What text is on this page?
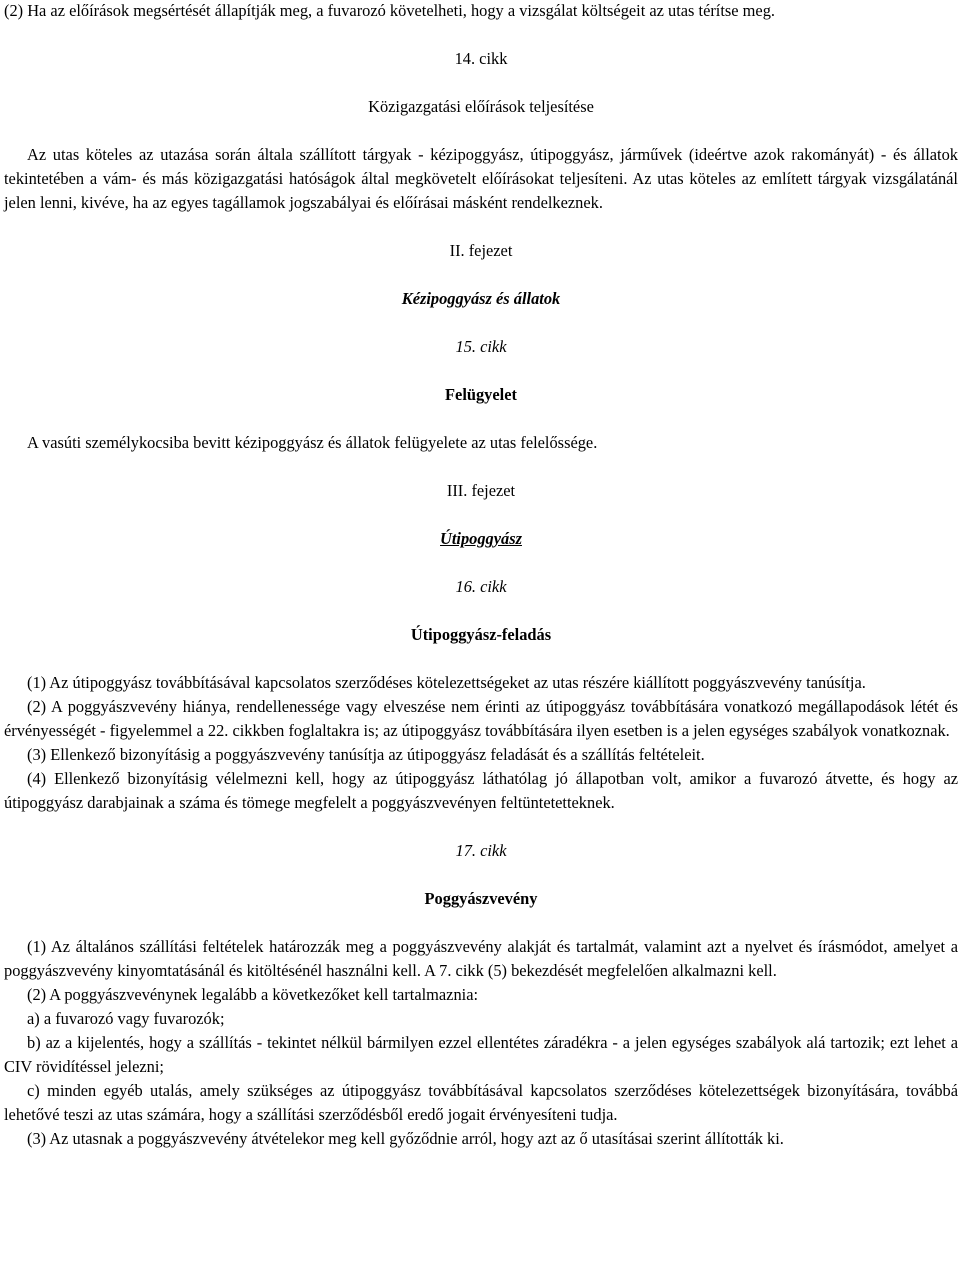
(2) Ha az előírások megsértését állapítják meg, a fuvarozó követelheti, hogy a vizsgálat költségeit az utas térítse meg.

14. cikk
Közigazgatási előírások teljesítése

Az utas köteles az utazása során általa szállított tárgyak - kézipoggyász, útipoggyász, járművek (ideértve azok rakományát) - és állatok tekintetében a vám- és más közigazgatási hatóságok által megkövetelt előírásokat teljesíteni. Az utas köteles az említett tárgyak vizsgálatánál jelen lenni, kivéve, ha az egyes tagállamok jogszabályai és előírásai másként rendelkeznek.

II. fejezet
Kézipoggyász és állatok
15. cikk
Felügyelet

A vasúti személykocsiba bevitt kézipoggyász és állatok felügyelete az utas felelőssége.

III. fejezet
Útipoggyász
16. cikk
Útipoggyász-feladás

(1) Az útipoggyász továbbításával kapcsolatos szerződéses kötelezettségeket az utas részére kiállított poggyászvevény tanúsítja.

(2) A poggyászvevény hiánya, rendellenessége vagy elveszése nem érinti az útipoggyász továbbítására vonatkozó megállapodások létét és érvényességét - figyelemmel a 22. cikkben foglaltakra is; az útipoggyász továbbítására ilyen esetben is a jelen egységes szabályok vonatkoznak.

(3) Ellenkező bizonyításig a poggyászvevény tanúsítja az útipoggyász feladását és a szállítás feltételeit.

(4) Ellenkező bizonyításig vélelmezni kell, hogy az útipoggyász láthatólag jó állapotban volt, amikor a fuvarozó átvette, és hogy az útipoggyász darabjainak a száma és tömege megfelelt a poggyászvevényen feltüntetetteknek.

17. cikk
Poggyászvevény

(1) Az általános szállítási feltételek határozzák meg a poggyászvevény alakját és tartalmát, valamint azt a nyelvet és írásmódot, amelyet a poggyászvevény kinyomtatásánál és kitöltésénél használni kell. A 7. cikk (5) bekezdését megfelelően alkalmazni kell.

(2) A poggyászvevénynek legalább a következőket kell tartalmaznia:

a) a fuvarozó vagy fuvarozók;

b) az a kijelentés, hogy a szállítás - tekintet nélkül bármilyen ezzel ellentétes záradékra - a jelen egységes szabályok alá tartozik; ezt lehet a CIV rövidítéssel jelezni;

c) minden egyéb utalás, amely szükséges az útipoggyász továbbításával kapcsolatos szerződéses kötelezettségek bizonyítására, továbbá lehetővé teszi az utas számára, hogy a szállítási szerződésből eredő jogait érvényesíteni tudja.

(3) Az utasnak a poggyászvevény átvételekor meg kell győződnie arról, hogy azt az ő utasításai szerint állították ki.
